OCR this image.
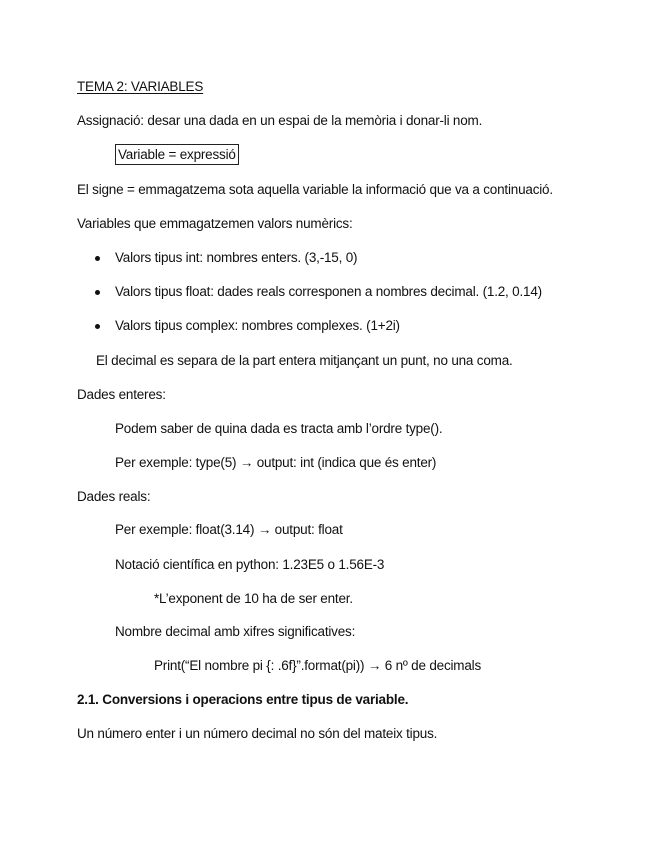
TEMA 2: VARIABLES
Assignació: desar una dada en un espai de la memòria i donar-li nom.
Variable = expressió
El signe = emmagatzema sota aquella variable la informació que va a continuació.
Variables que emmagatzemen valors numèrics:
Valors tipus int: nombres enters. (3,-15, 0)
Valors tipus float: dades reals corresponen a nombres decimal. (1.2, 0.14)
Valors tipus complex: nombres complexes. (1+2i)
El decimal es separa de la part entera mitjançant un punt, no una coma.
Dades enteres:
Podem saber de quina dada es tracta amb l’ordre type().
Per exemple: type(5) → output: int (indica que és enter)
Dades reals:
Per exemple: float(3.14) → output: float
Notació científica en python: 1.23E5 o 1.56E-3
*L’exponent de 10 ha de ser enter.
Nombre decimal amb xifres significatives:
Print(“El nombre pi {: .6f}”.format(pi)) → 6 nº de decimals
2.1. Conversions i operacions entre tipus de variable.
Un número enter i un número decimal no són del mateix tipus.
